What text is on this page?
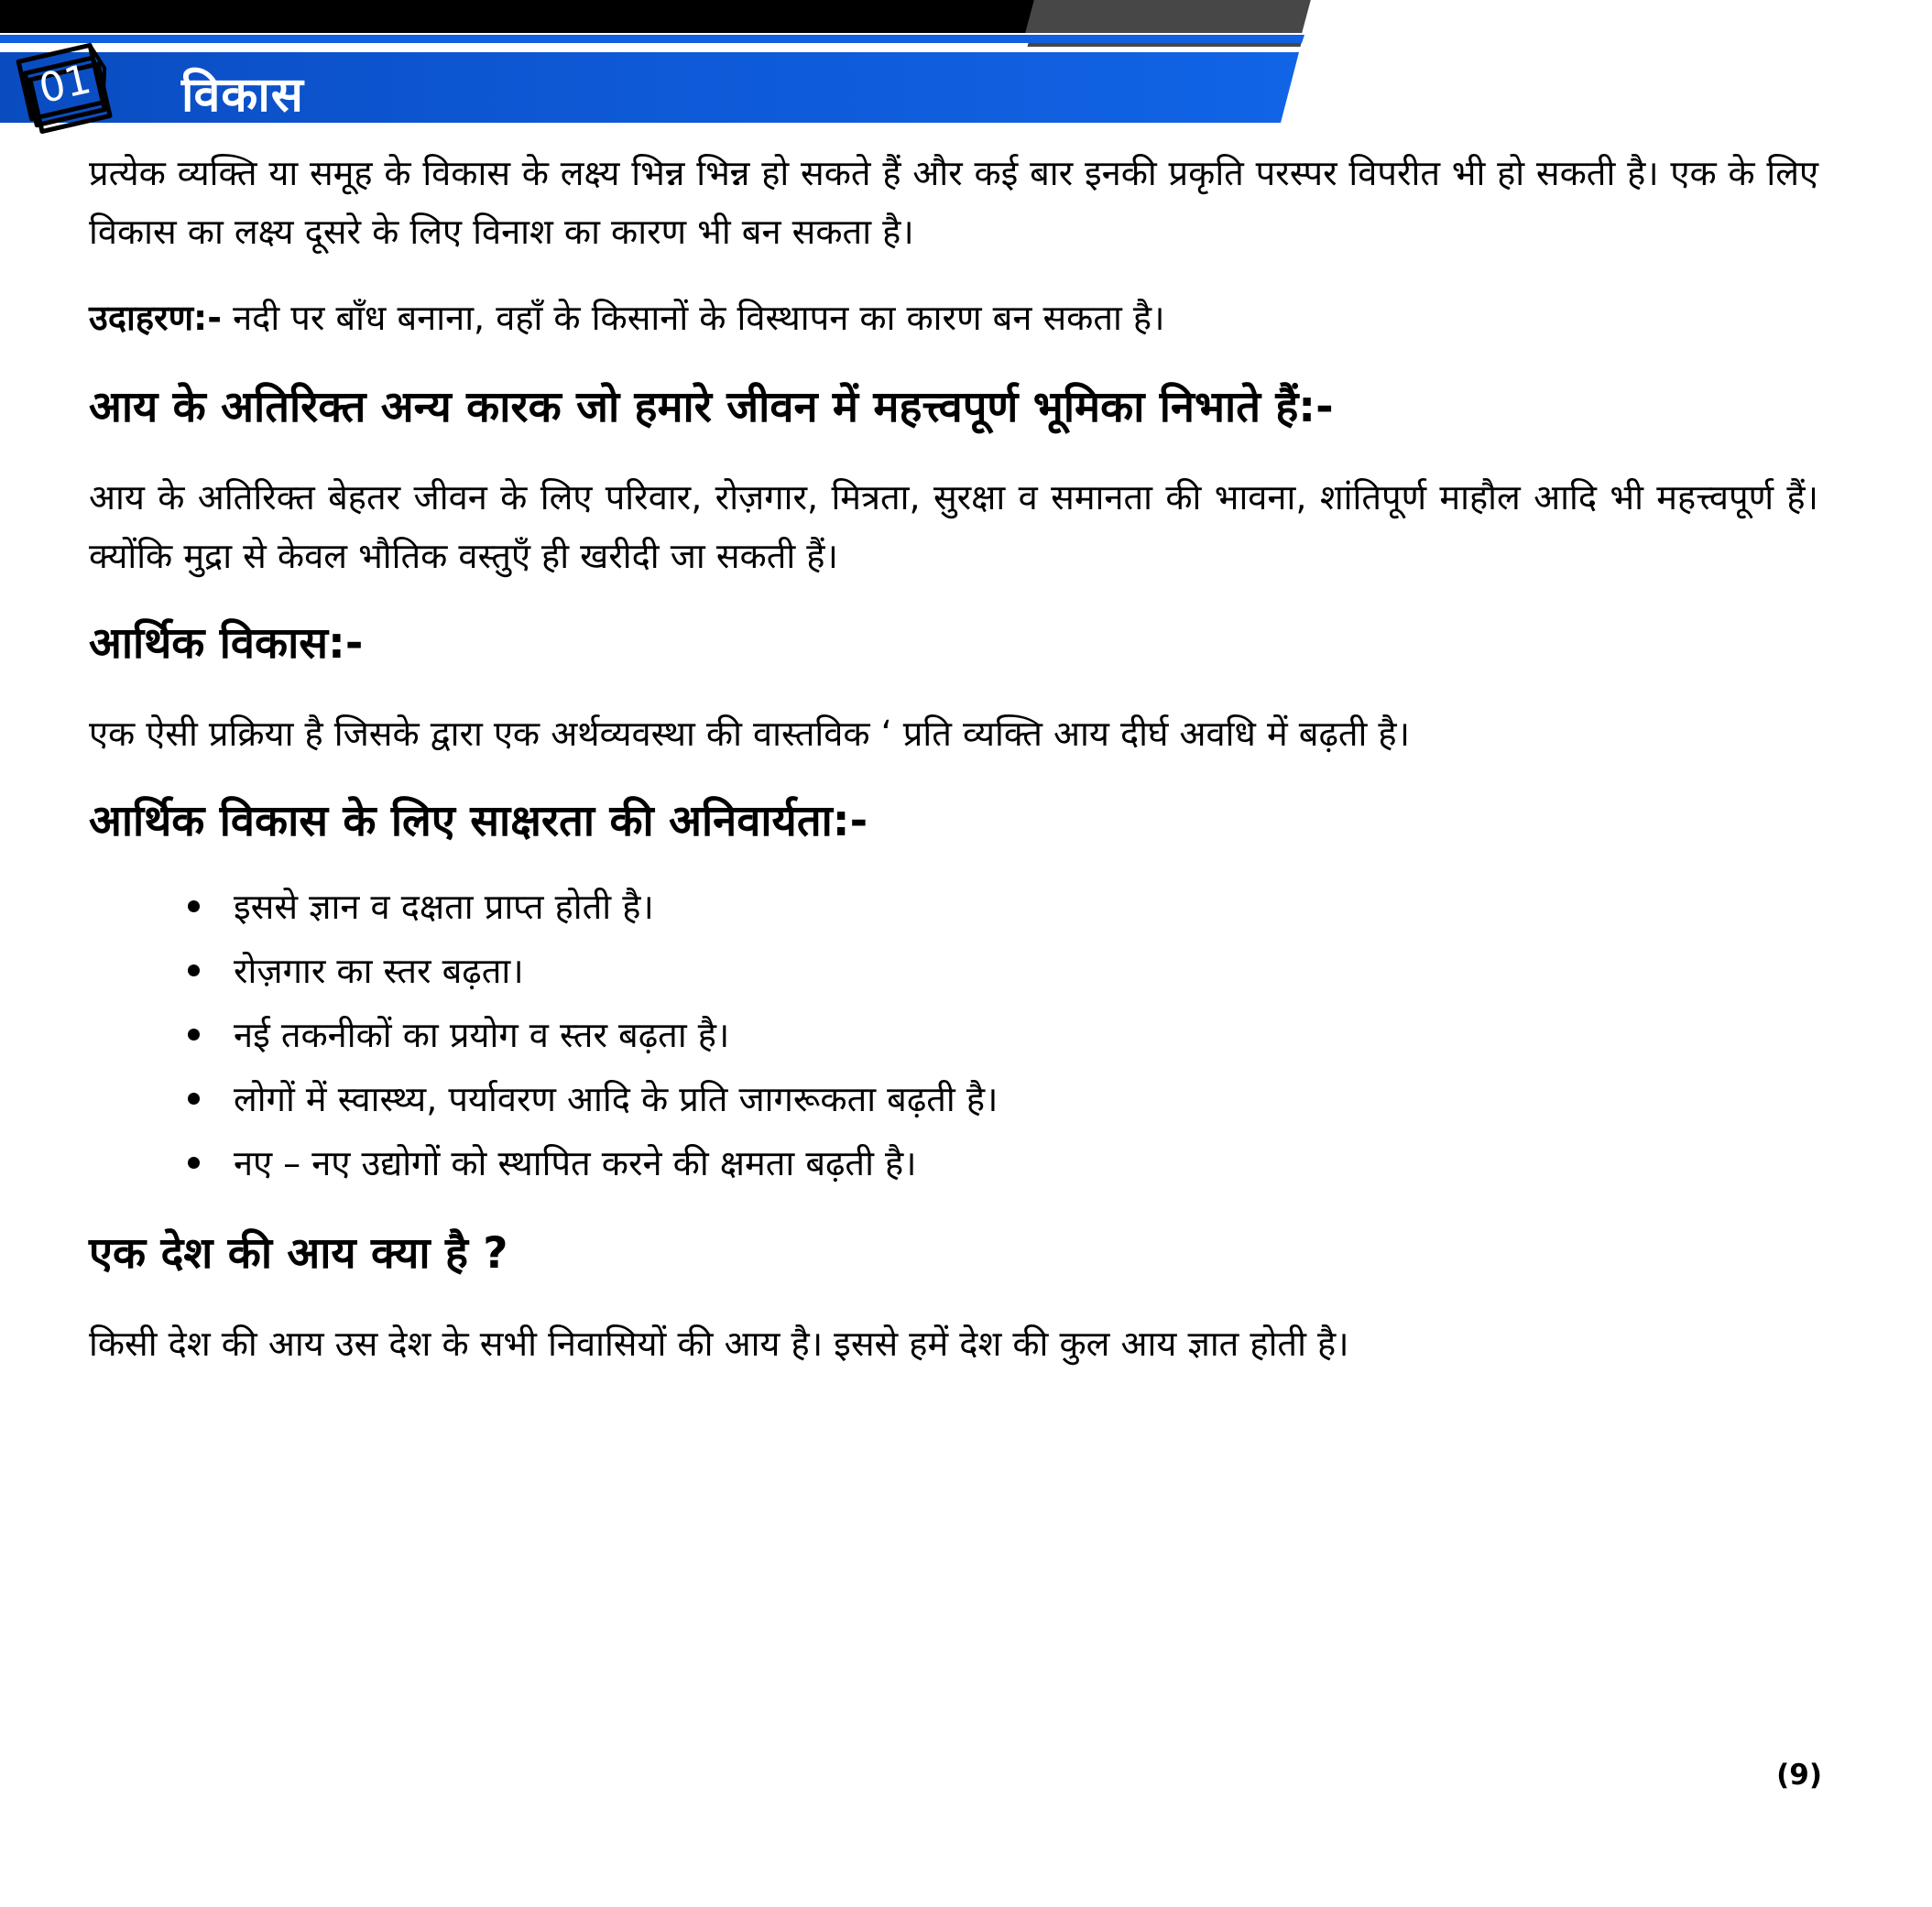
01 विकास

प्रत्येक व्यक्ति या समूह के विकास के लक्ष्य भिन्न भिन्न हो सकते हैं और कई बार इनकी प्रकृति परस्पर विपरीत भी हो सकती है। एक के लिए विकास का लक्ष्य दूसरे के लिए विनाश का कारण भी बन सकता है।

उदाहरण:- नदी पर बाँध बनाना, वहाँ के किसानों के विस्थापन का कारण बन सकता है।

आय के अतिरिक्त अन्य कारक जो हमारे जीवन में महत्त्वपूर्ण भूमिका निभाते हैं:-

आय के अतिरिक्त बेहतर जीवन के लिए परिवार, रोज़गार, मित्रता, सुरक्षा व समानता की भावना, शांतिपूर्ण माहौल आदि भी महत्त्वपूर्ण हैं। क्योंकि मुद्रा से केवल भौतिक वस्तुएँ ही खरीदी जा सकती हैं।

आर्थिक विकास:-

एक ऐसी प्रक्रिया है जिसके द्वारा एक अर्थव्यवस्था की वास्तविक ‘ प्रति व्यक्ति आय दीर्घ अवधि में बढ़ती है।

आर्थिक विकास के लिए साक्षरता की अनिवार्यता:-
इससे ज्ञान व दक्षता प्राप्त होती है।
रोज़गार का स्तर बढ़ता।
नई तकनीकों का प्रयोग व स्तर बढ़ता है।
लोगों में स्वास्थ्य, पर्यावरण आदि के प्रति जागरूकता बढ़ती है।
नए – नए उद्योगों को स्थापित करने की क्षमता बढ़ती है।
एक देश की आय क्या है ?

किसी देश की आय उस देश के सभी निवासियों की आय है। इससे हमें देश की कुल आय ज्ञात होती है।

(9)
